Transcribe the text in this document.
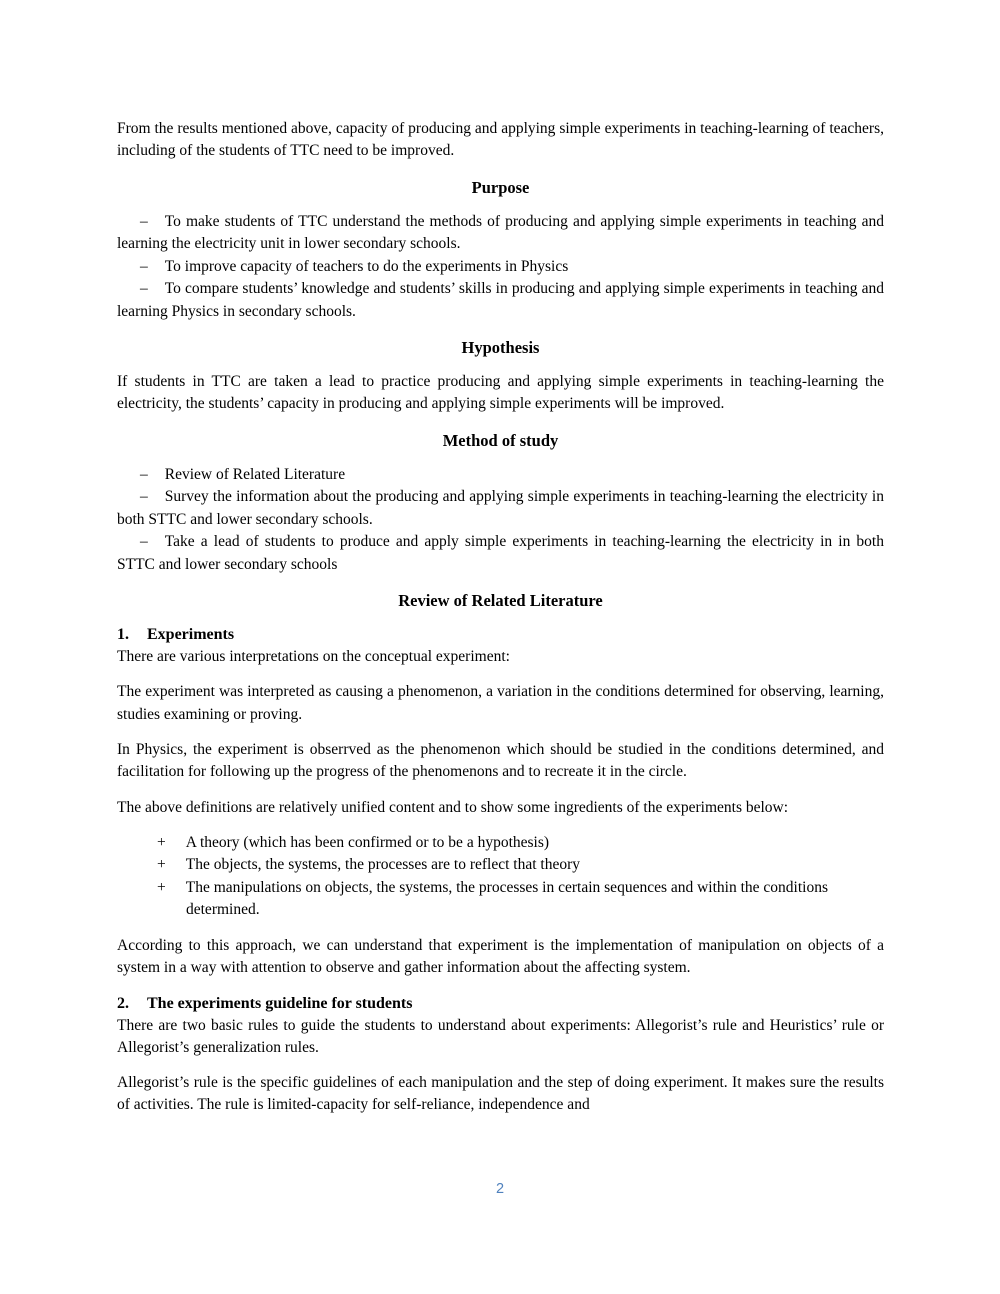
From the results mentioned above, capacity of producing and applying simple experiments in teaching-learning of teachers, including of the students of TTC need to be improved.

Purpose

– To make students of TTC understand the methods of producing and applying simple experiments in teaching and learning the electricity unit in lower secondary schools.

– To improve capacity of teachers to do the experiments in Physics

– To compare students’ knowledge and students’ skills in producing and applying simple experiments in teaching and learning Physics in secondary schools.

Hypothesis

If students in TTC are taken a lead to practice producing and applying simple experiments in teaching-learning the electricity, the students’ capacity in producing and applying simple experiments will be improved.

Method of study

– Review of Related Literature

– Survey the information about the producing and applying simple experiments in teaching-learning the electricity in both STTC and lower secondary schools.

– Take a lead of students to produce and apply simple experiments in teaching-learning the electricity in in both STTC and lower secondary schools

Review of Related Literature
1. Experiments

There are various interpretations on the conceptual experiment:

The experiment was interpreted as causing a phenomenon, a variation in the conditions determined for observing, learning, studies examining or proving.

In Physics, the experiment is obserrved as the phenomenon which should be studied in the conditions determined, and facilitation for following up the progress of the phenomenons and to recreate it in the circle.

The above definitions are relatively unified content and to show some ingredients of the experiments below:

+ A theory (which has been confirmed or to be a hypothesis)

+ The objects, the systems, the processes are to reflect that theory

+ The manipulations on objects, the systems, the processes in certain sequences and within the conditions determined.

According to this approach, we can understand that experiment is the implementation of manipulation on objects of a system in a way with attention to observe and gather information about the affecting system.

2. The experiments guideline for students

There are two basic rules to guide the students to understand about experiments: Allegorist’s rule and Heuristics’ rule or Allegorist’s generalization rules.

Allegorist’s rule is the specific guidelines of each manipulation and the step of doing experiment. It makes sure the results of activities. The rule is limited-capacity for self-reliance, independence and

2
